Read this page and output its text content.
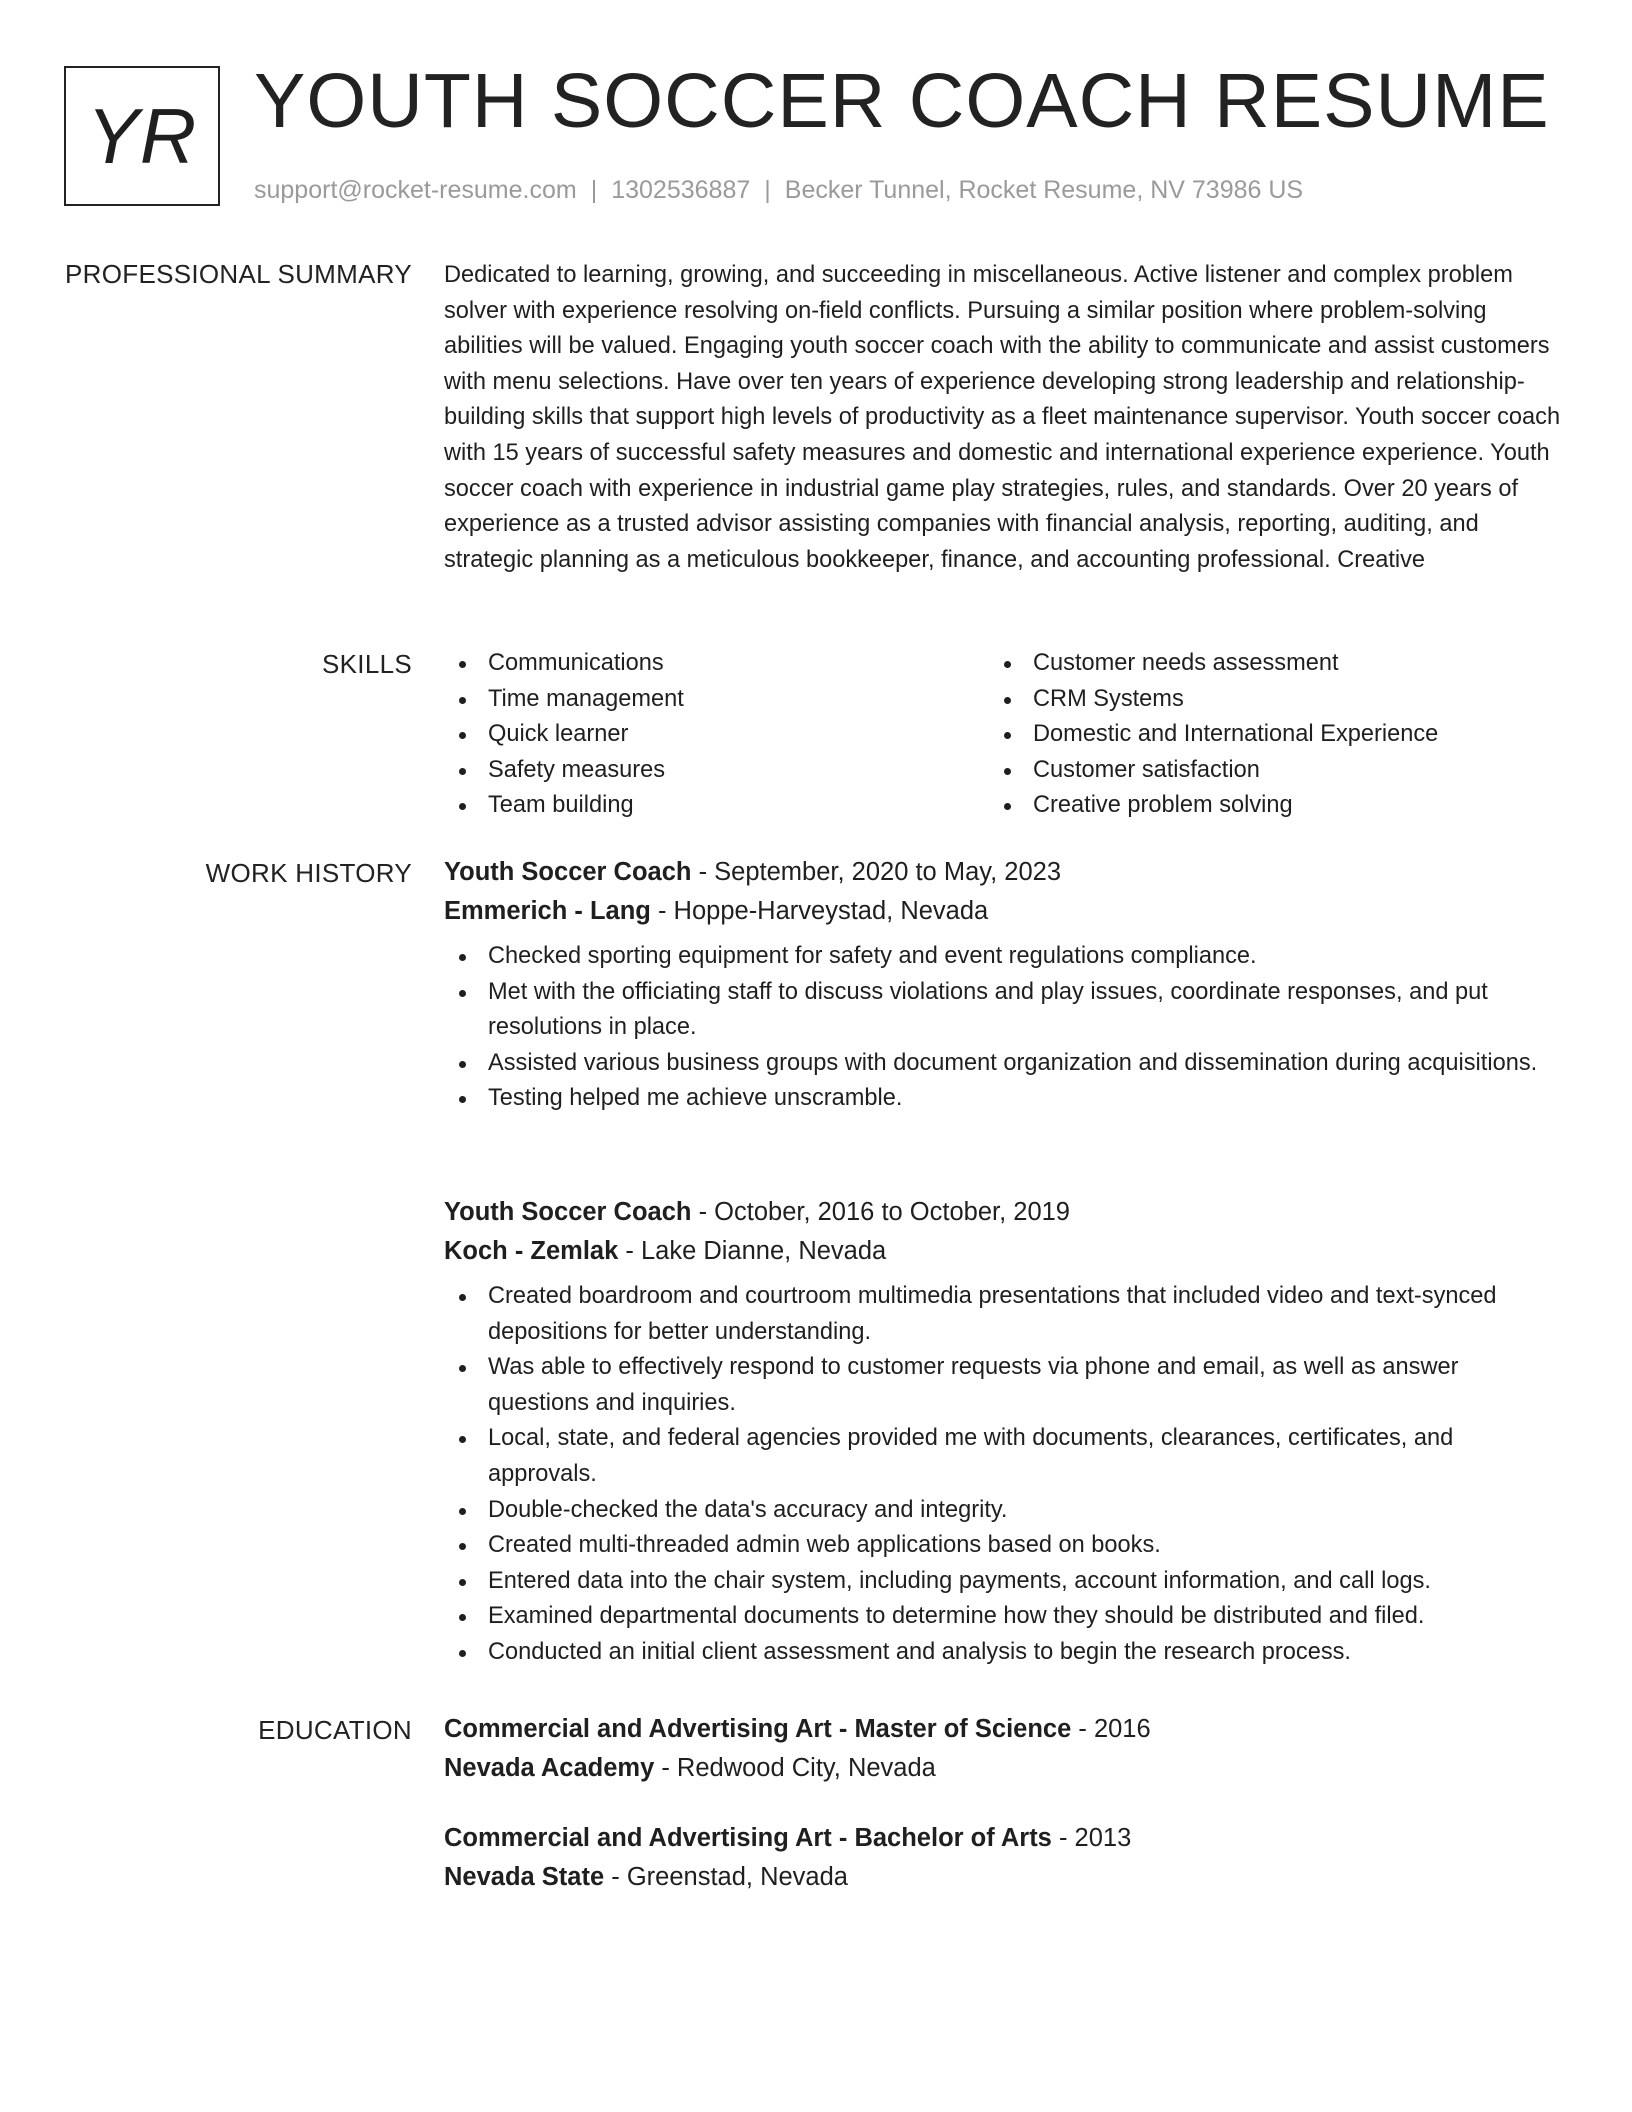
YR YOUTH SOCCER COACH RESUME
support@rocket-resume.com | 1302536887 | Becker Tunnel, Rocket Resume, NV 73986 US
PROFESSIONAL SUMMARY Dedicated to learning, growing, and succeeding in miscellaneous. Active listener and complex problem solver with experience resolving on-field conflicts. Pursuing a similar position where problem-solving abilities will be valued. Engaging youth soccer coach with the ability to communicate and assist customers with menu selections. Have over ten years of experience developing strong leadership and relationship-building skills that support high levels of productivity as a fleet maintenance supervisor. Youth soccer coach with 15 years of successful safety measures and domestic and international experience experience. Youth soccer coach with experience in industrial game play strategies, rules, and standards. Over 20 years of experience as a trusted advisor assisting companies with financial analysis, reporting, auditing, and strategic planning as a meticulous bookkeeper, finance, and accounting professional. Creative

SKILLS	Communications
Time management
Quick learner
Safety measures
Team building
Customer needs assessment
CRM Systems
Domestic and International Experience
Customer satisfaction
Creative problem solving
WORK HISTORY Youth Soccer Coach - September, 2020 to May, 2023
Emmerich - Lang - Hoppe-Harveystad, Nevada
Checked sporting equipment for safety and event regulations compliance.
Met with the officiating staff to discuss violations and play issues, coordinate responses, and put resolutions in place.
Assisted various business groups with document organization and dissemination during acquisitions.
Testing helped me achieve unscramble.
Youth Soccer Coach - October, 2016 to October, 2019
Koch - Zemlak - Lake Dianne, Nevada
Created boardroom and courtroom multimedia presentations that included video and text-synced depositions for better understanding.
Was able to effectively respond to customer requests via phone and email, as well as answer questions and inquiries.
Local, state, and federal agencies provided me with documents, clearances, certificates, and approvals.
Double-checked the data's accuracy and integrity.
Created multi-threaded admin web applications based on books.
Entered data into the chair system, including payments, account information, and call logs.
Examined departmental documents to determine how they should be distributed and filed.
Conducted an initial client assessment and analysis to begin the research process.
EDUCATION Commercial and Advertising Art - Master of Science - 2016
Nevada Academy - Redwood City, Nevada
Commercial and Advertising Art - Bachelor of Arts - 2013
Nevada State - Greenstad, Nevada
